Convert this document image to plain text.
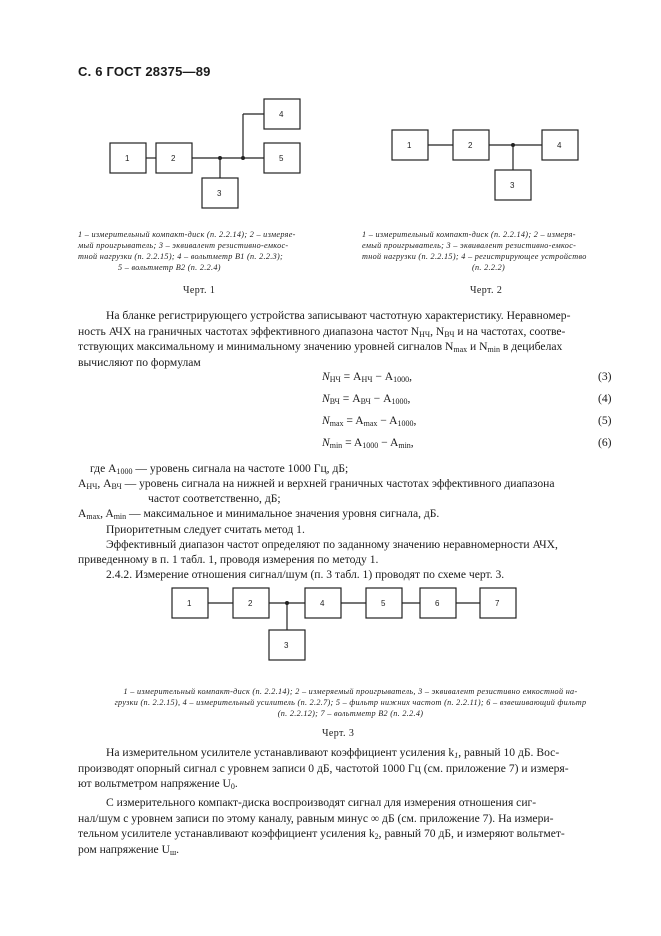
С. 6 ГОСТ 28375—89
1	2
3
4
5
1 – измерительный компакт-диск (п. 2.2.14); 2 – измеряе-
мый проигрыватель; 3 – эквивалент резистивно-емкос-
тной нагрузки (п. 2.2.15); 4 – вольтметр В1 (п. 2.2.3);
5 – вольтметр В2 (п. 2.2.4)
Черт. 1
1	2
3
4
1 – измерительный компакт-диск (п. 2.2.14); 2 – измеря-
емый проигрыватель; 3 – эквивалент резистивно-емкос-
тной нагрузки (п. 2.2.15); 4 – регистрирующее устройство
(п. 2.2.2)
Черт. 2
На бланке регистрирующего устройства записывают частотную характеристику. Неравномер-
ность АЧХ на граничных частотах эффективного диапазона частот $N_{НЧ}$, $N_{ВЧ}$ и на частотах, соотве-
тствующих максимальному и минимальному значению уровней сигналов $N_{max}$ и $N_{min}$ в децибелах
вычисляют по формулам
$N_{НЧ} = A_{НЧ} - A_{1000}$,	(3)
$N_{ВЧ} = A_{ВЧ} - A_{1000}$,	(4)
$N_{max} = A_{max} - A_{1000}$,	(5)
$N_{min} = A_{1000} - A_{min}$,	(6)
где $A_{1000}$ — уровень сигнала на частоте 1000 Гц, дБ;
$A_{НЧ}$, $A_{ВЧ}$ — уровень сигнала на нижней и верхней граничных частотах эффективного диапазона
частот соответственно, дБ;
$A_{max}$, $A_{min}$ — максимальное и минимальное значения уровня сигнала, дБ.
Приоритетным следует считать метод 1.
Эффективный диапазон частот определяют по заданному значению неравномерности АЧХ,
приведенному в п. 1 табл. 1, проводя измерения по методу 1.
2.4.2. Измерение отношения сигнал/шум (п. 3 табл. 1) проводят по схеме черт. 3.
1	2
3
4	5	6	7
1 – измерительный компакт-диск (п. 2.2.14); 2 – измеряемый проигрыватель, 3 – эквивалент резистивно емкостной на-
грузки (п. 2.2.15), 4 – измерительный усилитель (п. 2.2.7); 5 – фильтр нижних частот (п. 2.2.11); 6 – взвешивающий фильтр
(п. 2.2.12); 7 – вольтметр В2 (п. 2.2.4)
Черт. 3
На измерительном усилителе устанавливают коэффициент усиления $k_1$, равный 10 дБ. Вос-
производят опорный сигнал с уровнем записи 0 дБ, частотой 1000 Гц (см. приложение 7) и измеря-
ют вольтметром напряжение $U_0$.
С измерительного компакт-диска воспроизводят сигнал для измерения отношения сиг-
нал/шум с уровнем записи по этому каналу, равным минус ∞ дБ (см. приложение 7). На измери-
тельном усилителе устанавливают коэффициент усиления $k_2$, равный 70 дБ, и измеряют вольтмет-
ром напряжение $U_ш$.
